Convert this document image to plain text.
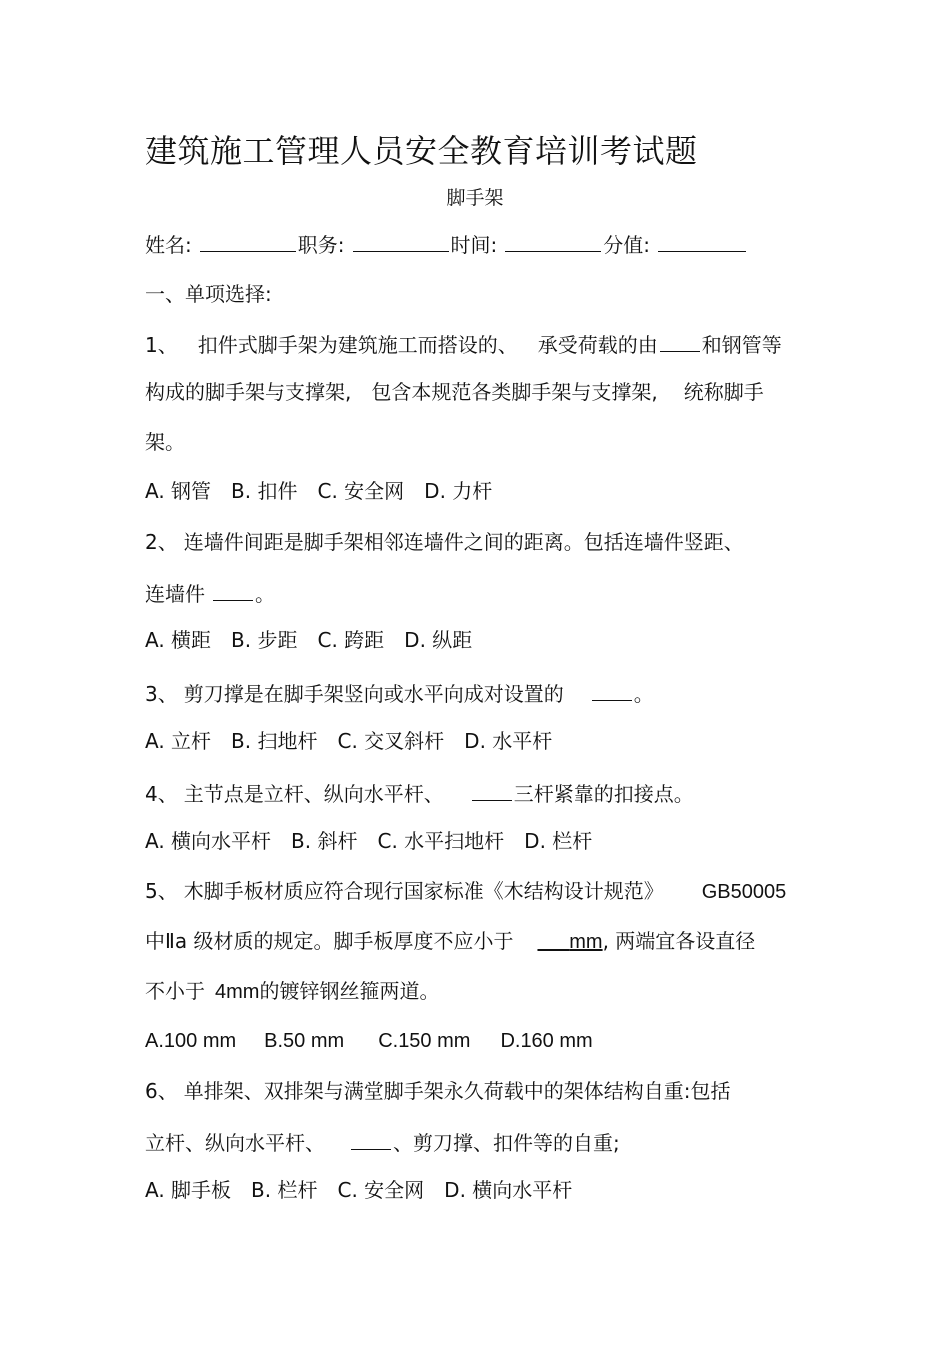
建筑施工管理人员安全教育培训考试题
脚手架
姓名:	职务:	时间:	分值:
一、单项选择:
1、 扣件式脚手架为建筑施工而搭设的、 承受荷载的由 和钢管等
构成的脚手架与支撑架, 包含本规范各类脚手架与支撑架, 统称脚手
架。
A. 钢管 B. 扣件 C. 安全网 D. 力杆
2、 连墙件间距是脚手架相邻连墙件之间的距离。包括连墙件竖距、
连墙件	。
A. 横距 B. 步距 C. 跨距 D. 纵距
3、 剪刀撑是在脚手架竖向或水平向成对设置的	。
A. 立杆 B. 扫地杆 C. 交叉斜杆 D. 水平杆
4、 主节点是立杆、纵向水平杆、	三杆紧靠的扣接点。
A. 横向水平杆 B. 斜杆 C. 水平扫地杆 D. 栏杆
5、 木脚手板材质应符合现行国家标准《木结构设计规范》 GB50005
中Ⅱa 级材质的规定。脚手板厚度不应小于	mm, 两端宜各设直径
不小于 4mm的镀锌钢丝箍两道。
A.100 mm B.50 mm C.150 mm D.160 mm
6、 单排架、双排架与满堂脚手架永久荷载中的架体结构自重:包括
立杆、纵向水平杆、	、剪刀撑、扣件等的自重;
A. 脚手板 B. 栏杆 C. 安全网 D. 横向水平杆
